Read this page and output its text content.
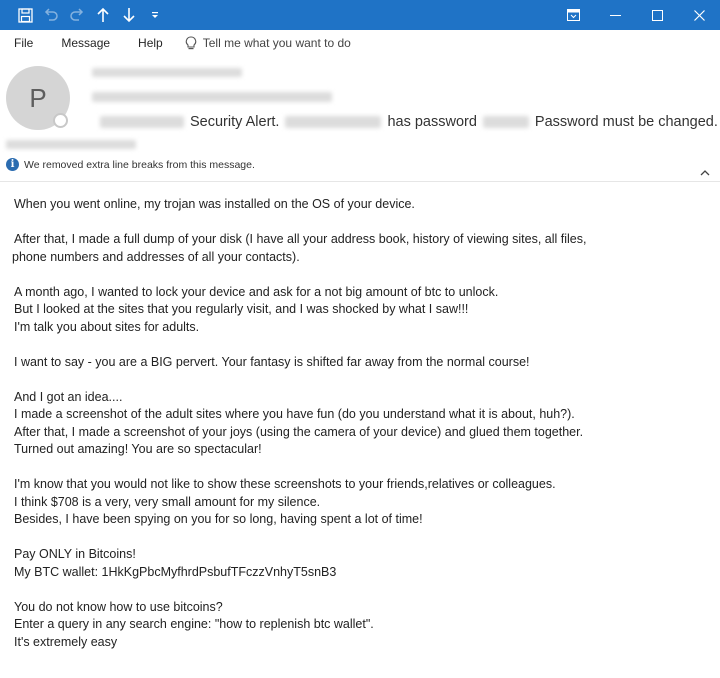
File	Message	Help	Tell me what you want to do
P
Security Alert.	has password	Password must be changed.
i We removed extra line breaks from this message.
When you went online, my trojan was installed on the OS of your device.
After that, I made a full dump of your disk (I have all your address book, history of viewing sites, all files,
phone numbers and addresses of all your contacts).
A month ago, I wanted to lock your device and ask for a not big amount of btc to unlock.
But I looked at the sites that you regularly visit, and I was shocked by what I saw!!!
I'm talk you about sites for adults.
I want to say - you are a BIG pervert. Your fantasy is shifted far away from the normal course!
And I got an idea....
I made a screenshot of the adult sites where you have fun (do you understand what it is about, huh?).
After that, I made a screenshot of your joys (using the camera of your device) and glued them together.
Turned out amazing! You are so spectacular!
I'm know that you would not like to show these screenshots to your friends,relatives or colleagues.
I think $708 is a very, very small amount for my silence.
Besides, I have been spying on you for so long, having spent a lot of time!
Pay ONLY in Bitcoins!
My BTC wallet: 1HkKgPbcMyfhrdPsbufTFczzVnhyT5snB3
You do not know how to use bitcoins?
Enter a query in any search engine: "how to replenish btc wallet".
It's extremely easy
